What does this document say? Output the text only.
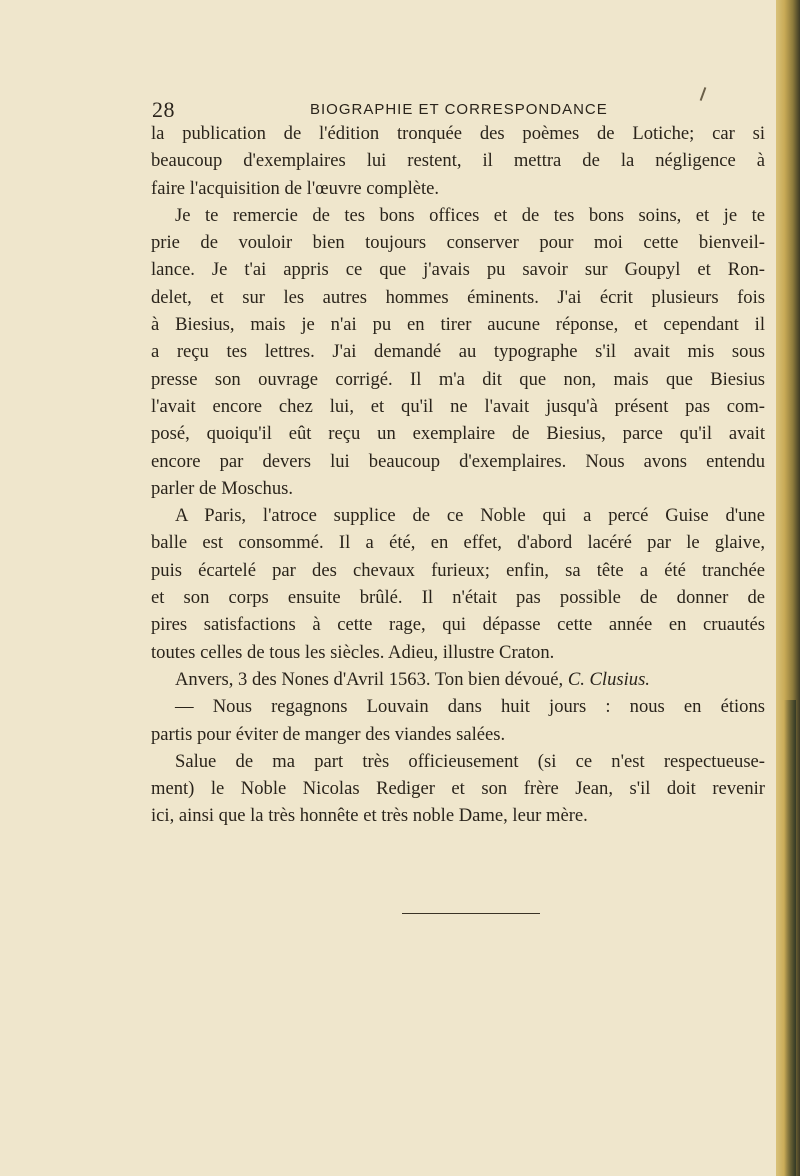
28	BIOGRAPHIE ET CORRESPONDANCE
la publication de l'édition tronquée des poèmes de Lotiche; car si
beaucoup d'exemplaires lui restent, il mettra de la négligence à
faire l'acquisition de l'œuvre complète.
Je te remercie de tes bons offices et de tes bons soins, et je te
prie de vouloir bien toujours conserver pour moi cette bienveil-
lance. Je t'ai appris ce que j'avais pu savoir sur Goupyl et Ron-
delet, et sur les autres hommes éminents. J'ai écrit plusieurs fois
à Biesius, mais je n'ai pu en tirer aucune réponse, et cependant il
a reçu tes lettres. J'ai demandé au typographe s'il avait mis sous
presse son ouvrage corrigé. Il m'a dit que non, mais que Biesius
l'avait encore chez lui, et qu'il ne l'avait jusqu'à présent pas com-
posé, quoiqu'il eût reçu un exemplaire de Biesius, parce qu'il avait
encore par devers lui beaucoup d'exemplaires. Nous avons entendu
parler de Moschus.
A Paris, l'atroce supplice de ce Noble qui a percé Guise d'une
balle est consommé. Il a été, en effet, d'abord lacéré par le glaive,
puis écartelé par des chevaux furieux; enfin, sa tête a été tranchée
et son corps ensuite brûlé. Il n'était pas possible de donner de
pires satisfactions à cette rage, qui dépasse cette année en cruautés
toutes celles de tous les siècles. Adieu, illustre Craton.
Anvers, 3 des Nones d'Avril 1563. Ton bien dévoué, C. Clusius.
— Nous regagnons Louvain dans huit jours : nous en étions
partis pour éviter de manger des viandes salées.
Salue de ma part très officieusement (si ce n'est respectueuse-
ment) le Noble Nicolas Rediger et son frère Jean, s'il doit revenir
ici, ainsi que la très honnête et très noble Dame, leur mère.
